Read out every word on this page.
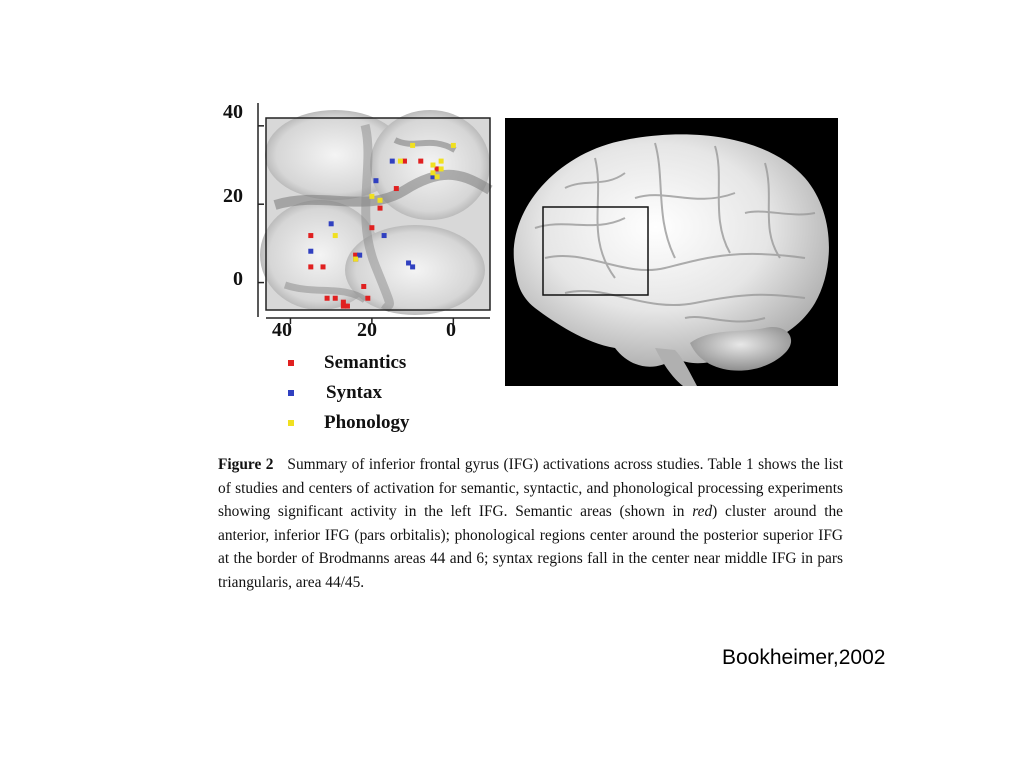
40
20
0
40	20	0
Semantics
Syntax
Phonology
Figure 2 Summary of inferior frontal gyrus (IFG) activations across studies. Table 1 shows the list of studies and centers of activation for semantic, syntactic, and phonological processing experiments showing significant activity in the left IFG. Semantic areas (shown in red) cluster around the anterior, inferior IFG (pars orbitalis); phonological regions center around the posterior superior IFG at the border of Brodmanns areas 44 and 6; syntax regions fall in the center near middle IFG in pars triangularis, area 44/45.
Bookheimer,2002
